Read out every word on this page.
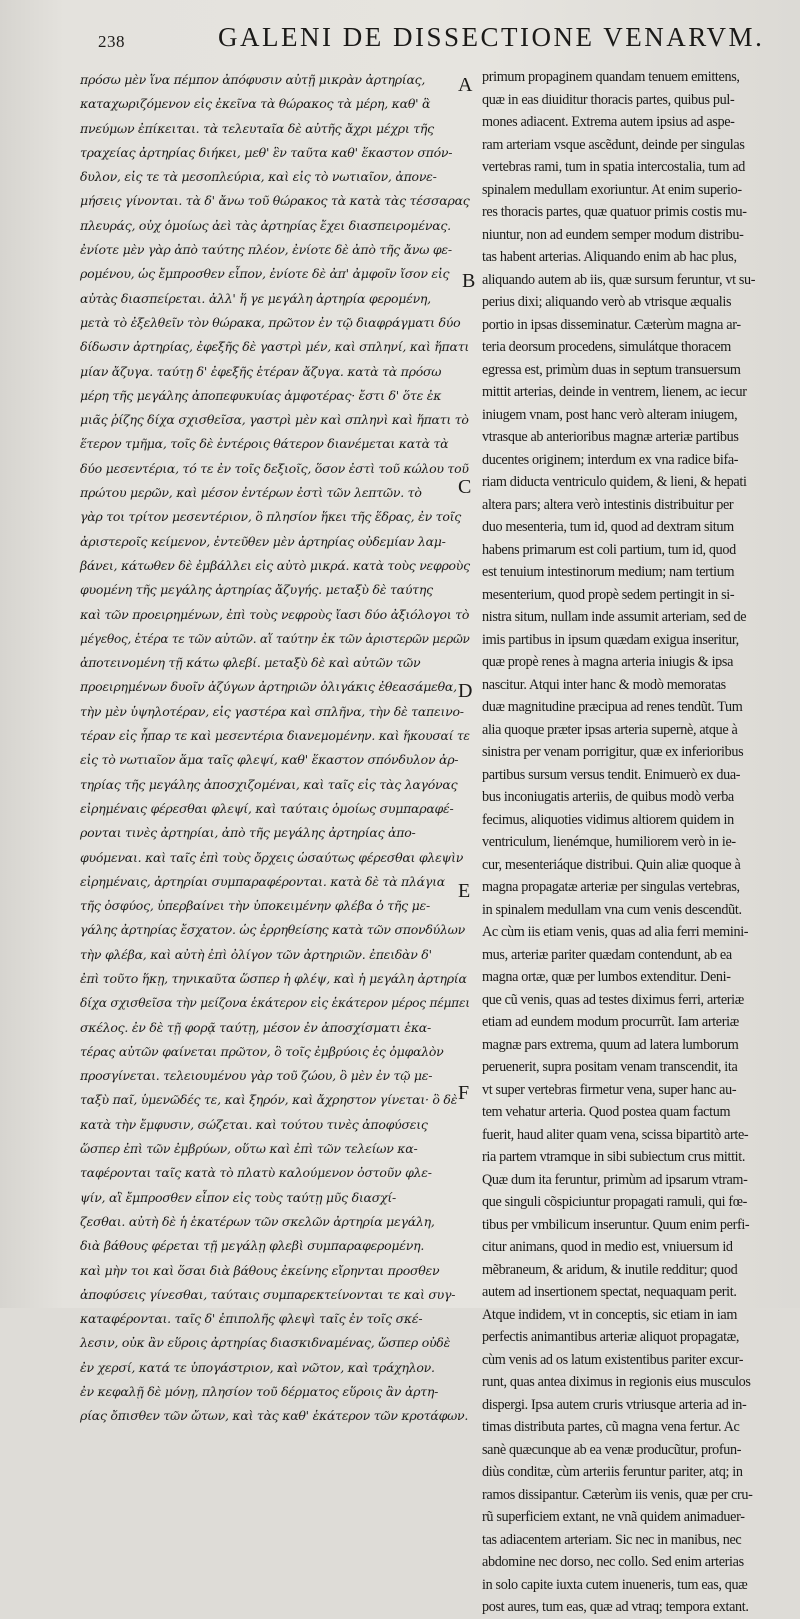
238	GALENI DE DISSECTIONE VENARVM.
πρόσω μὲν ἵνα πέμπον ἀπόφυσιν αὐτῇ μικρὰν ἀρτηρίας,
καταχωριζόμενον εἰς ἐκεῖνα τὰ θώρακος τὰ μέρη, καθ' ἃ
πνεύμων ἐπίκειται. τὰ τελευταῖα δὲ αὐτῆς ἄχρι μέχρι τῆς
τραχείας ἀρτηρίας διήκει, μεθ' ἓν ταῦτα καθ' ἕκαστον σπόν-
δυλον, εἰς τε τὰ μεσοπλεύρια, καὶ εἰς τὸ νωτιαῖον, ἀπονε-
μήσεις γίνονται. τὰ δ' ἄνω τοῦ θώρακος τὰ κατὰ τὰς τέσσαρας
πλευράς, οὐχ ὁμοίως ἀεὶ τὰς ἀρτηρίας ἔχει διασπειρομένας.
ἐνίοτε μὲν γὰρ ἀπὸ ταύτης πλέον, ἐνίοτε δὲ ἀπὸ τῆς ἄνω φε-
ρομένου, ὡς ἔμπροσθεν εἶπον, ἐνίοτε δὲ ἀπ' ἀμφοῖν ἴσον εἰς
αὐτὰς διασπείρεται. ἀλλ' ἥ γε μεγάλη ἀρτηρία φερομένη,
μετὰ τὸ ἐξελθεῖν τὸν θώρακα, πρῶτον ἐν τῷ διαφράγματι δύο
δίδωσιν ἀρτηρίας, ἐφεξῆς δὲ γαστρὶ μέν, καὶ σπληνί, καὶ ἥπατι
μίαν ἄζυγα. ταύτῃ δ' ἐφεξῆς ἑτέραν ἄζυγα. κατὰ τὰ πρόσω
μέρη τῆς μεγάλης ἀποπεφυκυίας ἀμφοτέρας· ἔστι δ' ὅτε ἐκ
μιᾶς ῥίζης δίχα σχισθεῖσα, γαστρὶ μὲν καὶ σπληνὶ καὶ ἥπατι τὸ
ἕτερον τμῆμα, τοῖς δὲ ἐντέροις θάτερον διανέμεται κατὰ τὰ
δύο μεσεντέρια, τό τε ἐν τοῖς δεξιοῖς, ὅσον ἐστὶ τοῦ κώλου τοῦ
πρώτου μερῶν, καὶ μέσον ἐντέρων ἐστὶ τῶν λεπτῶν. τὸ
γὰρ τοι τρίτον μεσεντέριον, ὃ πλησίον ἥκει τῆς ἕδρας, ἐν τοῖς
ἀριστεροῖς κείμενον, ἐντεῦθεν μὲν ἀρτηρίας οὐδεμίαν λαμ-
βάνει, κάτωθεν δὲ ἐμβάλλει εἰς αὐτὸ μικρά. κατὰ τοὺς νεφροὺς
φυομένη τῆς μεγάλης ἀρτηρίας ἄζυγής. μεταξὺ δὲ ταύτης
καὶ τῶν προειρημένων, ἐπὶ τοὺς νεφροὺς ἴασι δύο ἀξιόλογοι τὸ
μέγεθος, ἑτέρα τε τῶν αὐτῶν. αἵ ταύτην ἐκ τῶν ἀριστερῶν μερῶν
ἀποτεινομένη τῇ κάτω φλεβί. μεταξὺ δὲ καὶ αὐτῶν τῶν
προειρημένων δυοῖν ἀζύγων ἀρτηριῶν ὀλιγάκις ἐθεασάμεθα,
τὴν μὲν ὑψηλοτέραν, εἰς γαστέρα καὶ σπλῆνα, τὴν δὲ ταπεινο-
τέραν εἰς ἧπαρ τε καὶ μεσεντέρια διανεμομένην. καὶ ἥκουσαί τε
εἰς τὸ νωτιαῖον ἅμα ταῖς φλεψί, καθ' ἕκαστον σπόνδυλον ἀρ-
τηρίας τῆς μεγάλης ἀποσχιζομέναι, καὶ ταῖς εἰς τὰς λαγόνας
εἰρημέναις φέρεσθαι φλεψί, καὶ ταύταις ὁμοίως συμπαραφέ-
ρονται τινὲς ἀρτηρίαι, ἀπὸ τῆς μεγάλης ἀρτηρίας ἀπο-
φυόμεναι. καὶ ταῖς ἐπὶ τοὺς ὄρχεις ὡσαύτως φέρεσθαι φλεψὶν
εἰρημέναις, ἀρτηρίαι συμπαραφέρονται. κατὰ δὲ τὰ πλάγια
τῆς ὀσφύος, ὑπερβαίνει τὴν ὑποκειμένην φλέβα ὁ τῆς με-
γάλης ἀρτηρίας ἔσχατον. ὡς ἐρρηθείσης κατὰ τῶν σπονδύλων
τὴν φλέβα, καὶ αὐτὴ ἐπὶ ὀλίγον τῶν ἀρτηριῶν. ἐπειδὰν δ'
ἐπὶ τοῦτο ἥκῃ, τηνικαῦτα ὥσπερ ἡ φλέψ, καὶ ἡ μεγάλη ἀρτηρία
δίχα σχισθεῖσα τὴν μείζονα ἑκάτερον εἰς ἑκάτερον μέρος πέμπει
σκέλος. ἐν δὲ τῇ φορᾷ ταύτῃ, μέσον ἐν ἀποσχίσματι ἑκα-
τέρας αὐτῶν φαίνεται πρῶτον, ὃ τοῖς ἐμβρύοις ἐς ὀμφαλὸν
προσγίνεται. τελειουμένου γὰρ τοῦ ζώου, ὃ μὲν ἐν τῷ με-
ταξὺ παῖ, ὑμενῶδές τε, καὶ ξηρόν, καὶ ἄχρηστον γίνεται· ὃ δὲ
κατὰ τὴν ἔμφυσιν, σώζεται. καὶ τούτου τινὲς ἀποφύσεις
ὥσπερ ἐπὶ τῶν ἐμβρύων, οὕτω καὶ ἐπὶ τῶν τελείων κα-
ταφέρονται ταῖς κατὰ τὸ πλατὺ καλούμενον ὀστοῦν φλε-
ψίν, αἳ ἔμπροσθεν εἶπον εἰς τοὺς ταύτῃ μῦς διασχί-
ζεσθαι. αὐτὴ δὲ ἡ ἑκατέρων τῶν σκελῶν ἀρτηρία μεγάλη,
διὰ βάθους φέρεται τῇ μεγάλῃ φλεβὶ συμπαραφερομένη.
καὶ μὴν τοι καὶ ὅσαι διὰ βάθους ἐκείνης εἴρηνται προσθεν
ἀποφύσεις γίνεσθαι, ταύταις συμπαρεκτείνονται τε καὶ συγ-
καταφέρονται. ταῖς δ' ἐπιπολῆς φλεψὶ ταῖς ἐν τοῖς σκέ-
λεσιν, οὐκ ἂν εὕροις ἀρτηρίας διασκιδναμένας, ὥσπερ οὐδὲ
ἐν χερσί, κατά τε ὑπογάστριον, καὶ νῶτον, καὶ τράχηλον.
ἐν κεφαλῇ δὲ μόνῃ, πλησίον τοῦ δέρματος εὕροις ἂν ἀρτη-
ρίας ὄπισθεν τῶν ὤτων, καὶ τὰς καθ' ἑκάτερον τῶν κροτάφων.
primum propaginem quandam tenuem emittens,
quæ in eas diuiditur thoracis partes, quibus pul-
mones adiacent. Extrema autem ipsius ad aspe-
ram arteriam vsque ascẽdunt, deinde per singulas
vertebras rami, tum in spatia intercostalia, tum ad
spinalem medullam exoriuntur. At enim superio-
res thoracis partes, quæ quatuor primis costis mu-
niuntur, non ad eundem semper modum distribu-
tas habent arterias. Aliquando enim ab hac plus,
aliquando autem ab iis, quæ sursum feruntur, vt su-
perius dixi; aliquando verò ab vtrisque æqualis
portio in ipsas disseminatur. Cæterùm magna ar-
teria deorsum procedens, simulátque thoracem
egressa est, primùm duas in septum transuersum
mittit arterias, deinde in ventrem, lienem, ac iecur
iniugem vnam, post hanc verò alteram iniugem,
vtrasque ab anterioribus magnæ arteriæ partibus
ducentes originem; interdum ex vna radice bifa-
riam diducta ventriculo quidem, & lieni, & hepati
altera pars; altera verò intestinis distribuitur per
duo mesenteria, tum id, quod ad dextram situm
habens primarum est coli partium, tum id, quod
est tenuium intestinorum medium; nam tertium
mesenterium, quod propè sedem pertingit in si-
nistra situm, nullam inde assumit arteriam, sed de
imis partibus in ipsum quædam exigua inseritur,
quæ propè renes à magna arteria iniugis & ipsa
nascitur. Atqui inter hanc & modò memoratas
duæ magnitudine præcipua ad renes tendũt. Tum
alia quoque præter ipsas arteria supernè, atque à
sinistra per venam porrigitur, quæ ex inferioribus
partibus sursum versus tendit. Enimuerò ex dua-
bus inconiugatis arteriis, de quibus modò verba
fecimus, aliquoties vidimus altiorem quidem in
ventriculum, lienémque, humiliorem verò in ie-
cur, mesenteriáque distribui. Quin aliæ quoque à
magna propagatæ arteriæ per singulas vertebras,
in spinalem medullam vna cum venis descendũt.
Ac cùm iis etiam venis, quas ad alia ferri memini-
mus, arteriæ pariter quædam contendunt, ab ea
magna ortæ, quæ per lumbos extenditur. Deni-
que cũ venis, quas ad testes diximus ferri, arteriæ
etiam ad eundem modum procurrũt. Iam arteriæ
magnæ pars extrema, quum ad latera lumborum
peruenerit, supra positam venam transcendit, ita
vt super vertebras firmetur vena, super hanc au-
tem vehatur arteria. Quod postea quam factum
fuerit, haud aliter quam vena, scissa bipartitò arte-
ria partem vtramque in sibi subiectum crus mittit.
Quæ dum ita feruntur, primùm ad ipsarum vtram-
que singuli cõspiciuntur propagati ramuli, qui fœ-
tibus per vmbilicum inseruntur. Quum enim perfi-
citur animans, quod in medio est, vniuersum id
mẽbraneum, & aridum, & inutile redditur; quod
autem ad insertionem spectat, nequaquam perit.
Atque indidem, vt in conceptis, sic etiam in iam
perfectis animantibus arteriæ aliquot propagatæ,
cùm venis ad os latum existentibus pariter excur-
runt, quas antea diximus in regionis eius musculos
dispergi. Ipsa autem cruris vtriusque arteria ad in-
timas distributa partes, cũ magna vena fertur. Ac
sanè quæcunque ab ea venæ producũtur, profun-
diùs conditæ, cùm arteriis feruntur pariter, atq; in
ramos dissipantur. Cæterùm iis venis, quæ per cru-
rũ superficiem extant, ne vnã quidem animaduer-
tas adiacentem arteriam. Sic nec in manibus, nec
abdomine nec dorso, nec collo. Sed enim arterias
in solo capite iuxta cutem inueneris, tum eas, quæ
post aures, tum eas, quæ ad vtraq; tempora extant.
A
B
C
D
E
F
